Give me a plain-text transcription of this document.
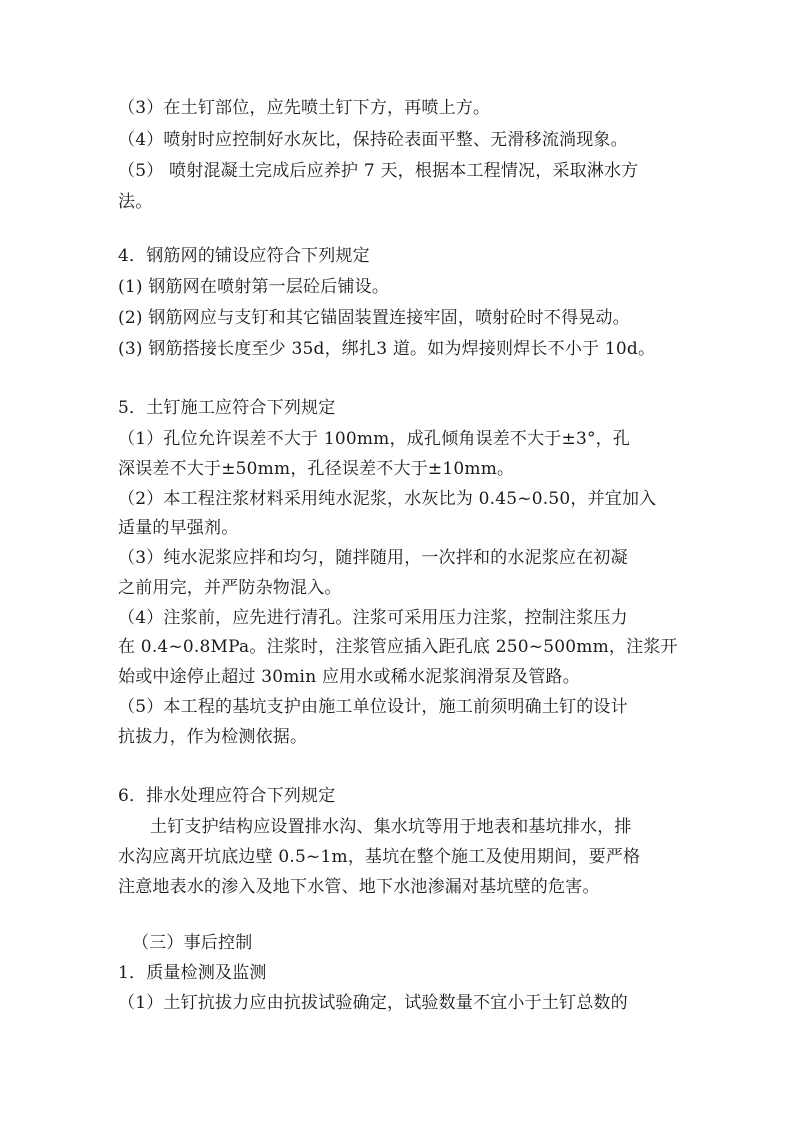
（3）在土钉部位，应先喷土钉下方，再喷上方。
（4）喷射时应控制好水灰比，保持砼表面平整、无滑移流淌现象。
（5） 喷射混凝土完成后应养护 7 天，根据本工程情况，采取淋水方
法。
4．钢筋网的铺设应符合下列规定
(1) 钢筋网在喷射第一层砼后铺设。
(2) 钢筋网应与支钉和其它锚固装置连接牢固，喷射砼时不得晃动。
(3) 钢筋搭接长度至少 35d，绑扎3 道。如为焊接则焊长不小于 10d。
5．土钉施工应符合下列规定
（1）孔位允许误差不大于 100mm，成孔倾角误差不大于±3°，孔
深误差不大于±50mm，孔径误差不大于±10mm。
（2）本工程注浆材料采用纯水泥浆，水灰比为 0.45~0.50，并宜加入
适量的早强剂。
（3）纯水泥浆应拌和均匀，随拌随用，一次拌和的水泥浆应在初凝
之前用完，并严防杂物混入。
（4）注浆前，应先进行清孔。注浆可采用压力注浆，控制注浆压力
在 0.4~0.8MPa。注浆时，注浆管应插入距孔底 250~500mm，注浆开
始或中途停止超过 30min 应用水或稀水泥浆润滑泵及管路。
（5）本工程的基坑支护由施工单位设计，施工前须明确土钉的设计
抗拔力，作为检测依据。
6．排水处理应符合下列规定
土钉支护结构应设置排水沟、集水坑等用于地表和基坑排水，排
水沟应离开坑底边壁 0.5~1m，基坑在整个施工及使用期间，要严格
注意地表水的渗入及地下水管、地下水池渗漏对基坑壁的危害。
（三）事后控制
1．质量检测及监测
（1）土钉抗拔力应由抗拔试验确定，试验数量不宜小于土钉总数的
